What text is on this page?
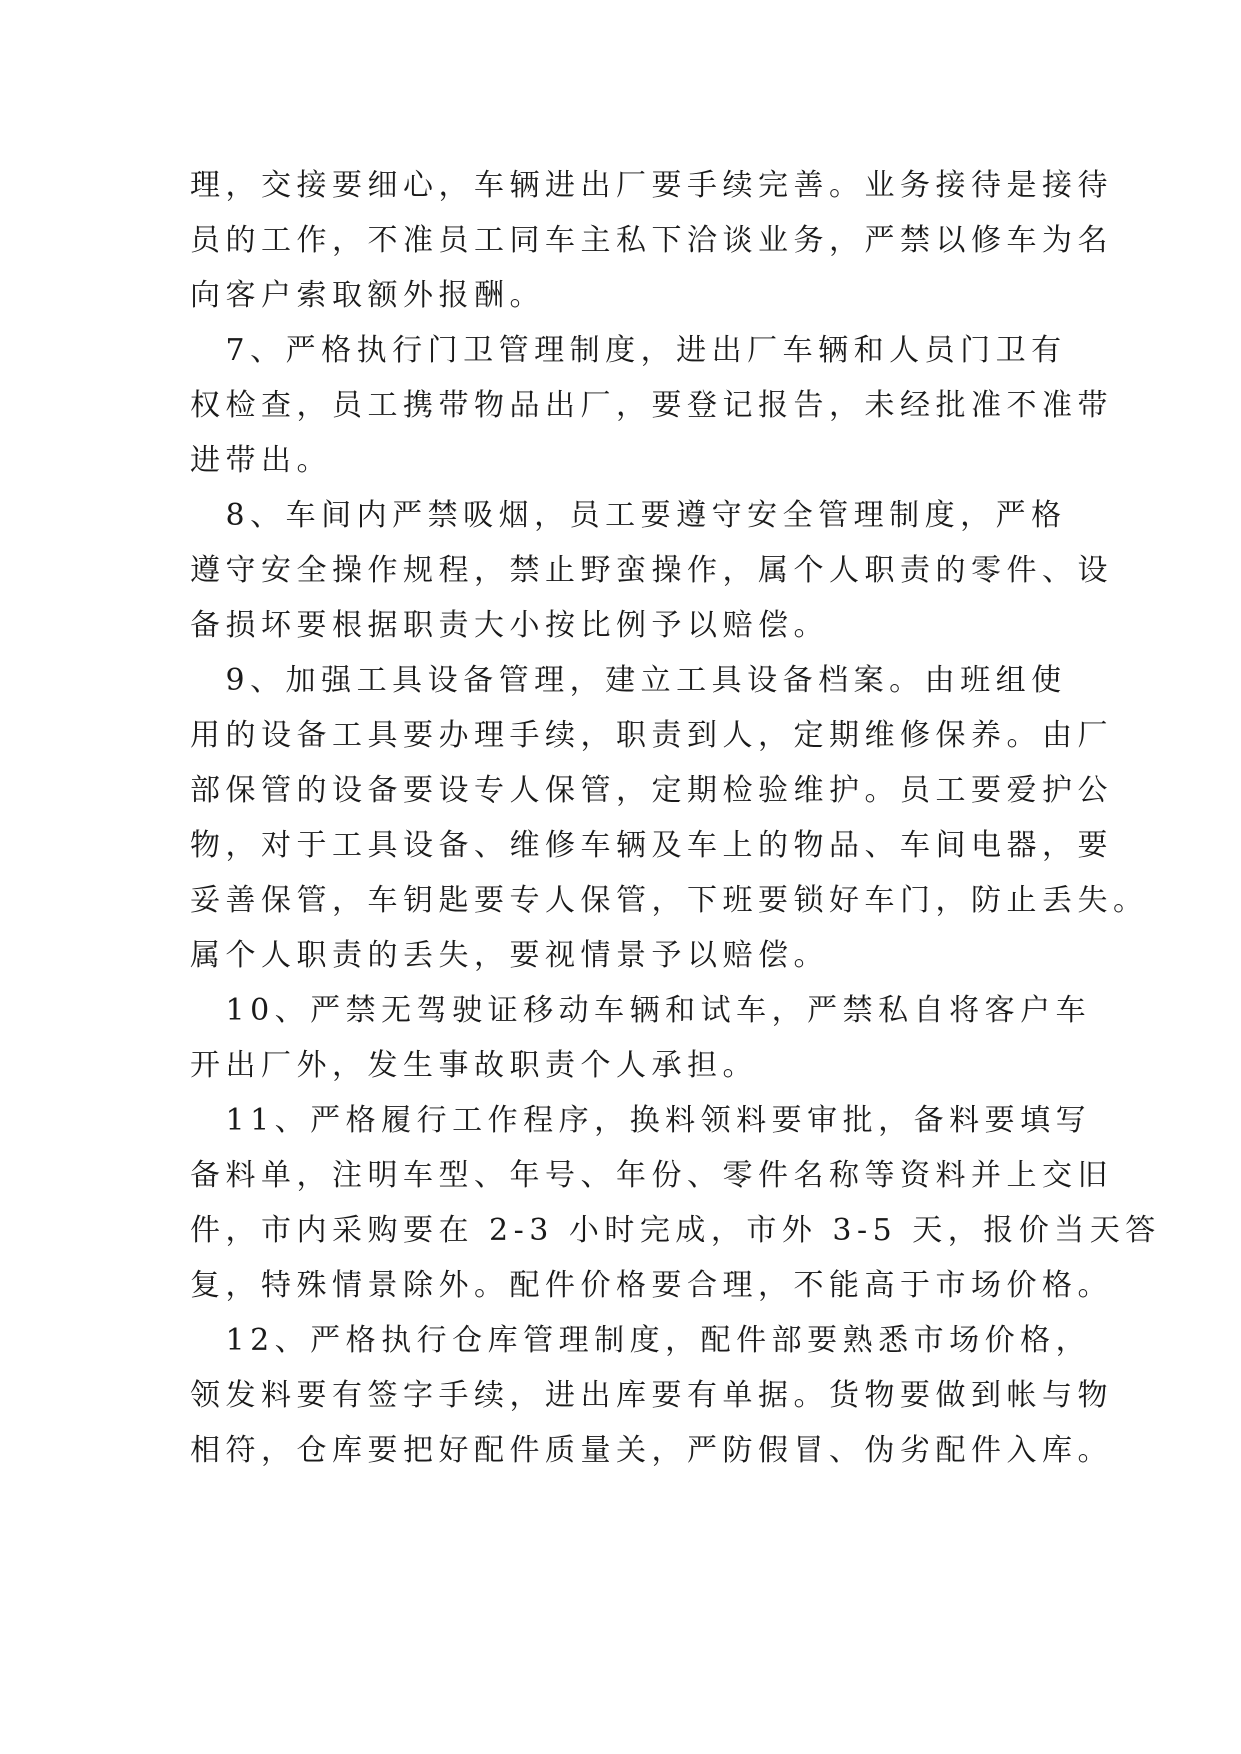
理，交接要细心，车辆进出厂要手续完善。业务接待是接待
员的工作，不准员工同车主私下洽谈业务，严禁以修车为名
向客户索取额外报酬。
　7、严格执行门卫管理制度，进出厂车辆和人员门卫有
权检查，员工携带物品出厂，要登记报告，未经批准不准带
进带出。
　8、车间内严禁吸烟，员工要遵守安全管理制度，严格
遵守安全操作规程，禁止野蛮操作，属个人职责的零件、设
备损坏要根据职责大小按比例予以赔偿。
　9、加强工具设备管理，建立工具设备档案。由班组使
用的设备工具要办理手续，职责到人，定期维修保养。由厂
部保管的设备要设专人保管，定期检验维护。员工要爱护公
物，对于工具设备、维修车辆及车上的物品、车间电器，要
妥善保管，车钥匙要专人保管，下班要锁好车门，防止丢失。
属个人职责的丢失，要视情景予以赔偿。
　10、严禁无驾驶证移动车辆和试车，严禁私自将客户车
开出厂外，发生事故职责个人承担。
　11、严格履行工作程序，换料领料要审批，备料要填写
备料单，注明车型、年号、年份、零件名称等资料并上交旧
件，市内采购要在 2-3 小时完成，市外 3-5 天，报价当天答
复，特殊情景除外。配件价格要合理，不能高于市场价格。
　12、严格执行仓库管理制度，配件部要熟悉市场价格，
领发料要有签字手续，进出库要有单据。货物要做到帐与物
相符，仓库要把好配件质量关，严防假冒、伪劣配件入库。
